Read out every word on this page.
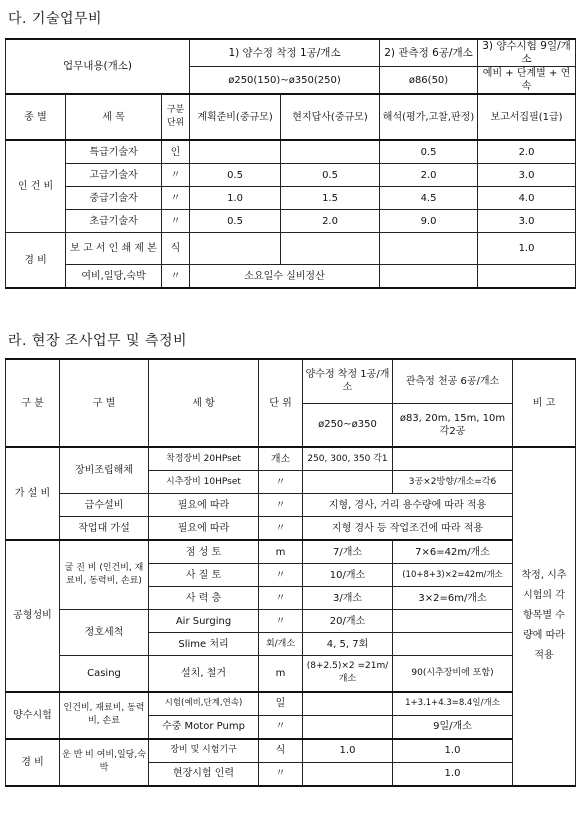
다. 기술업무비
업무내용(개소)			1) 양수정 착정 1공/개소		2) 관측정 6공/개소	3) 양수시험 9일/개소
			ø250(150)~ø350(250)		ø86(50)	예비 + 단계별 + 연속
종 별	세 목	구분 단위	계획준비(중규모)	현지답사(중규모)	해석(평가,고찰,판정)	보고서집필(1급)
인 건 비	특급기술자	인			0.5	2.0
	고급기술자	〃	0.5	0.5	2.0	3.0
	중급기술자	〃	1.0	1.5	4.5	4.0
	초급기술자	〃	0.5	2.0	9.0	3.0
경 비	보 고 서 인 쇄 제 본	식				1.0
	여비,일당,숙박	〃	소요일수 실비정산			
라. 현장 조사업무 및 측정비
구 분	구 별	세 항	단 위	양수정 착정 1공/개소	관측정 천공 6공/개소	비 고
				ø250~ø350	ø83, 20m, 15m, 10m 각2공	
가 설 비	장비조립해체	착정장비 20HPset	개소	250, 300, 350 각1		착정, 시추 시험의 각 항목별 수 량에 따라 적용
		시추장비 10HPset	〃		3공×2방향/개소=각6	
	급수설비	필요에 따라	〃	지형, 경사, 거리 용수량에 따라 적용		
	작업대 가설	필요에 따라	〃	지형 경사 등 작업조건에 따라 적용		
공형성비	굴 진 비 (인건비, 재료비, 동력비, 손료)	점 성 토	m	7/개소	7×6=42m/개소	
		사 질 토	〃	10/개소	(10+8+3)×2=42m/개소	
		사 력 층	〃	3/개소	3×2=6m/개소	
	정호세척	Air Surging	〃	20/개소		
		Slime 처리	회/개소	4, 5, 7회		
	Casing	설치, 철거	m	(8+2.5)×2 =21m/개소	90(시추장비에 포함)	
양수시험	인건비, 재료비, 동력비, 손료	시험(예비,단계,연속)	일		1+3.1+4.3=8.4일/개소	
		수중 Motor Pump	〃		9일/개소	
경 비	운 반 비 여비,일당,숙박	장비 및 시험기구	식	1.0	1.0	
		현장시험 인력	〃		1.0	
